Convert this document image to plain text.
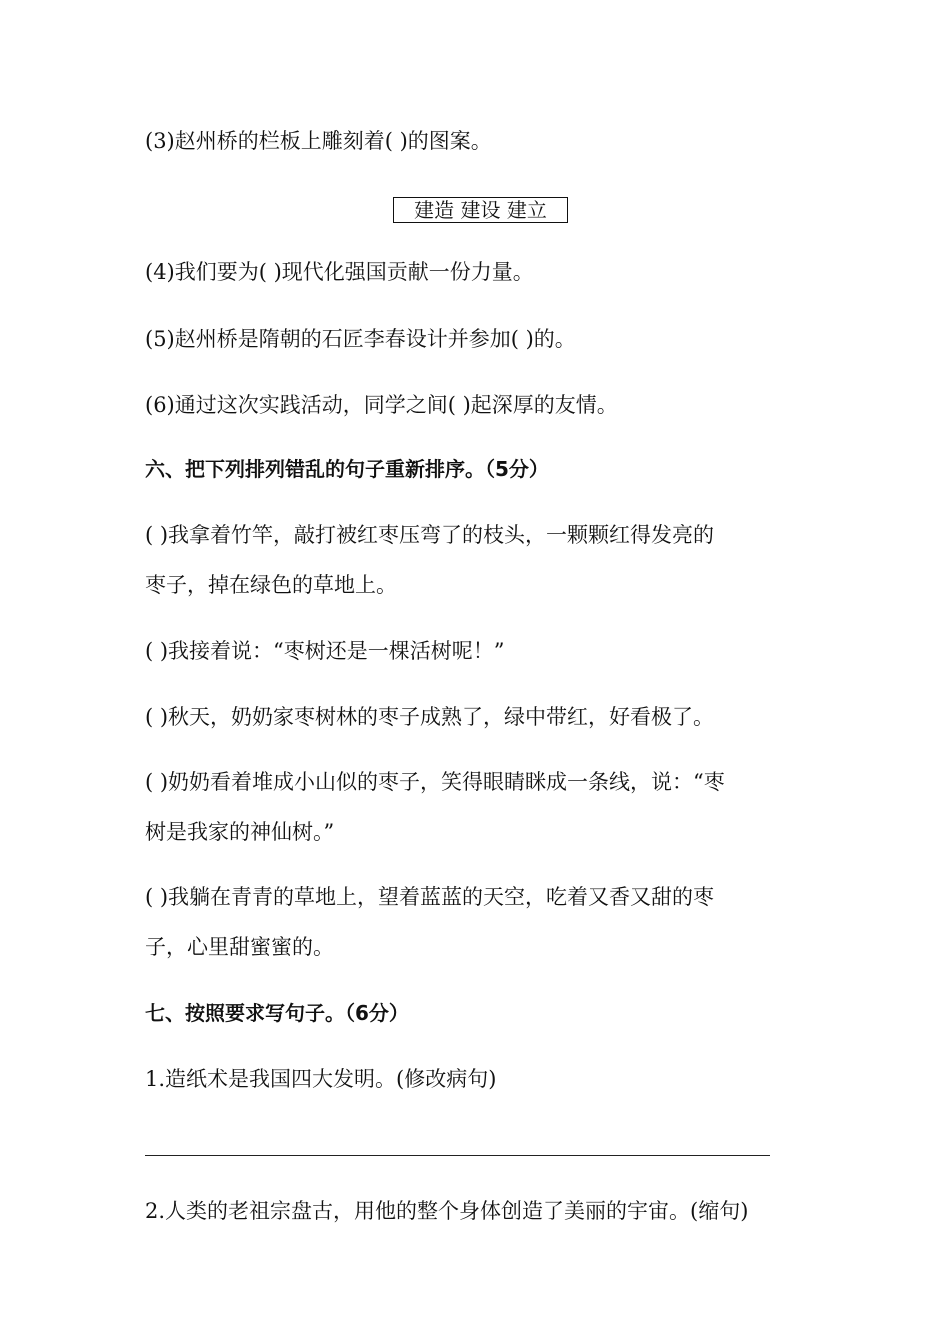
(3)赵州桥的栏板上雕刻着( )的图案。
建造 建设 建立
(4)我们要为( )现代化强国贡献一份力量。
(5)赵州桥是隋朝的石匠李春设计并参加( )的。
(6)通过这次实践活动，同学之间( )起深厚的友情。
六、把下列排列错乱的句子重新排序。（5分）
( )我拿着竹竿，敲打被红枣压弯了的枝头，一颗颗红得发亮的
枣子，掉在绿色的草地上。
( )我接着说：“枣树还是一棵活树呢！”
( )秋天，奶奶家枣树林的枣子成熟了，绿中带红，好看极了。
( )奶奶看着堆成小山似的枣子，笑得眼睛眯成一条线，说：“枣
树是我家的神仙树。”
( )我躺在青青的草地上，望着蓝蓝的天空，吃着又香又甜的枣
子，心里甜蜜蜜的。
七、按照要求写句子。（6分）
1.造纸术是我国四大发明。(修改病句)
2.人类的老祖宗盘古，用他的整个身体创造了美丽的宇宙。(缩句)
